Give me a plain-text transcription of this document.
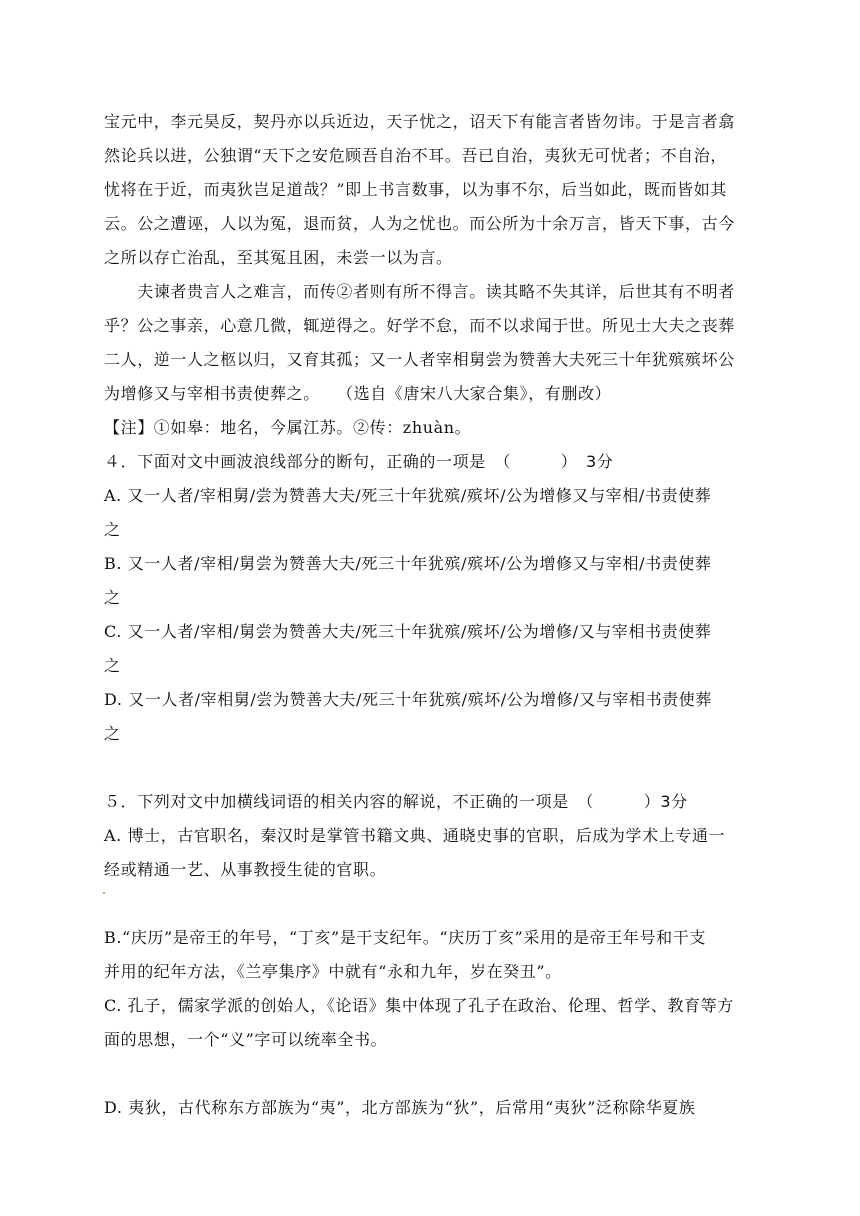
宝元中，李元昊反，契丹亦以兵近边，天子忧之，诏天下有能言者皆勿讳。于是言者翕
然论兵以进，公独谓“天下之安危顾吾自治不耳。吾已自治，夷狄无可忧者；不自治，
忧将在于近，而夷狄岂足道哉？”即上书言数事，以为事不尔，后当如此，既而皆如其
云。公之遭诬，人以为冤，退而贫，人为之忧也。而公所为十余万言，皆天下事，古今
之所以存亡治乱，至其冤且困，未尝一以为言。
　　夫谏者贵言人之难言，而传②者则有所不得言。读其略不失其详，后世其有不明者
乎？公之事亲，心意几微，辄逆得之。好学不怠，而不以求闻于世。所见士大夫之丧葬
二人，逆一人之柩以归，又育其孤；又一人者宰相舅尝为赞善大夫死三十年犹殡殡坏公
为增修又与宰相书责使葬之。　　（选自《唐宋八大家合集》，有删改）
【注】①如皋：地名，今属江苏。②传：zhuàn。
４．下面对文中画波浪线部分的断句，正确的一项是　（　　　）　3分
A. 又一人者/宰相舅/尝为赞善大夫/死三十年犹殡/殡坏/公为增修又与宰相/书责使葬
之
B. 又一人者/宰相/舅尝为赞善大夫/死三十年犹殡/殡坏/公为增修又与宰相/书责使葬
之
C. 又一人者/宰相/舅尝为赞善大夫/死三十年犹殡/殡坏/公为增修/又与宰相书责使葬
之
D. 又一人者/宰相舅/尝为赞善大夫/死三十年犹殡/殡坏/公为增修/又与宰相书责使葬
之
５．下列对文中加横线词语的相关内容的解说，不正确的一项是　（　　　）3分
A. 博士，古官职名，秦汉时是掌管书籍文典、通晓史事的官职，后成为学术上专通一
经或精通一艺、从事教授生徒的官职。
B.“庆历”是帝王的年号，“丁亥”是干支纪年。“庆历丁亥”采用的是帝王年号和干支
并用的纪年方法，《兰亭集序》中就有“永和九年，岁在癸丑”。
C. 孔子，儒家学派的创始人，《论语》集中体现了孔子在政治、伦理、哲学、教育等方
面的思想，一个“义”字可以统率全书。
D. 夷狄，古代称东方部族为“夷”，北方部族为“狄”，后常用“夷狄”泛称除华夏族
